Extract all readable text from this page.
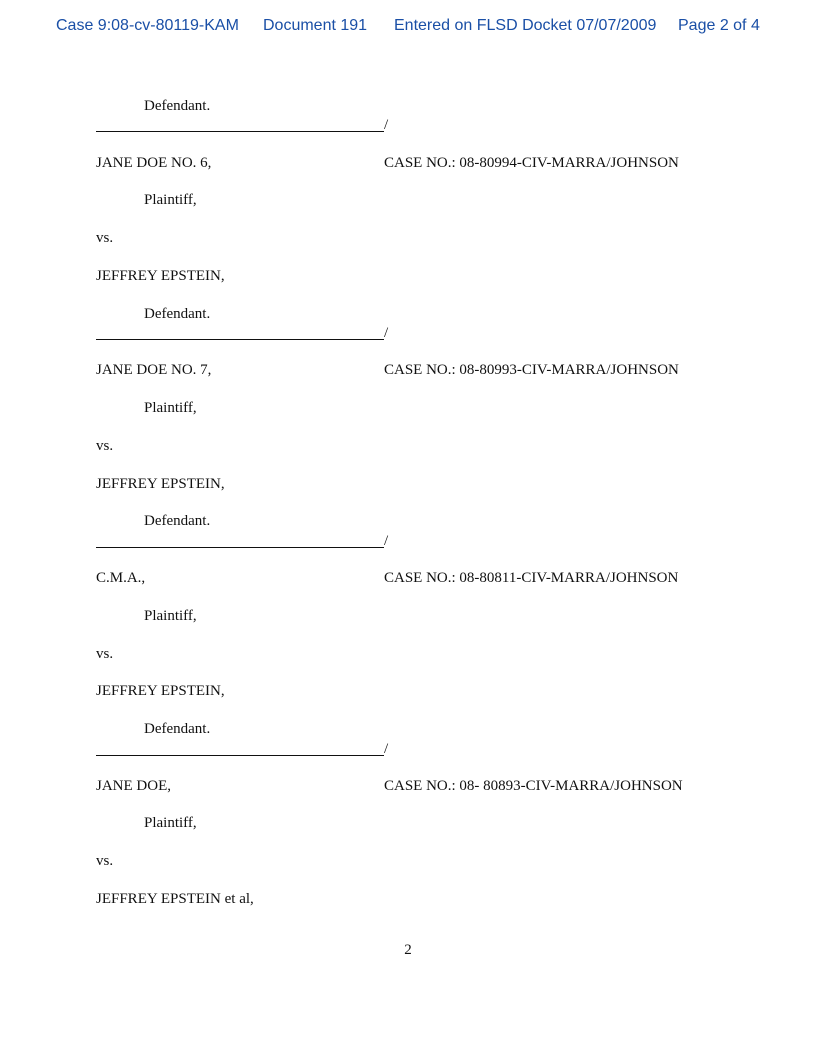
Case 9:08-cv-80119-KAM Document 191 Entered on FLSD Docket 07/07/2009 Page 2 of 4
Defendant.
/
JANE DOE NO. 6,	CASE NO.: 08-80994-CIV-MARRA/JOHNSON
Plaintiff,
vs.
JEFFREY EPSTEIN,
Defendant.
/
JANE DOE NO. 7,	CASE NO.: 08-80993-CIV-MARRA/JOHNSON
Plaintiff,
vs.
JEFFREY EPSTEIN,
Defendant.
/
C.M.A.,	CASE NO.: 08-80811-CIV-MARRA/JOHNSON
Plaintiff,
vs.
JEFFREY EPSTEIN,
Defendant.
/
JANE DOE,	CASE NO.: 08- 80893-CIV-MARRA/JOHNSON
Plaintiff,
vs.
JEFFREY EPSTEIN et al,
2
